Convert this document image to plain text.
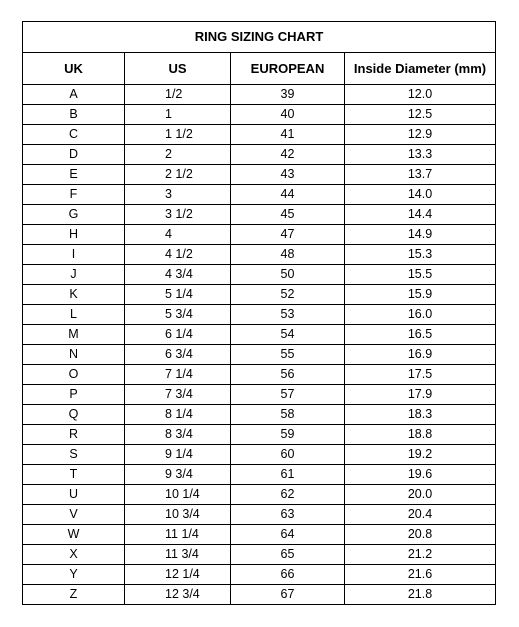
RING SIZING CHART			
UK	US	EUROPEAN	Inside Diameter (mm)
A	1/2	39	12.0
B	1	40	12.5
C	1 1/2	41	12.9
D	2	42	13.3
E	2 1/2	43	13.7
F	3	44	14.0
G	3 1/2	45	14.4
H	4	47	14.9
I	4 1/2	48	15.3
J	4 3/4	50	15.5
K	5 1/4	52	15.9
L	5 3/4	53	16.0
M	6 1/4	54	16.5
N	6 3/4	55	16.9
O	7 1/4	56	17.5
P	7 3/4	57	17.9
Q	8 1/4	58	18.3
R	8 3/4	59	18.8
S	9 1/4	60	19.2
T	9 3/4	61	19.6
U	10 1/4	62	20.0
V	10 3/4	63	20.4
W	11 1/4	64	20.8
X	11 3/4	65	21.2
Y	12 1/4	66	21.6
Z	12 3/4	67	21.8
